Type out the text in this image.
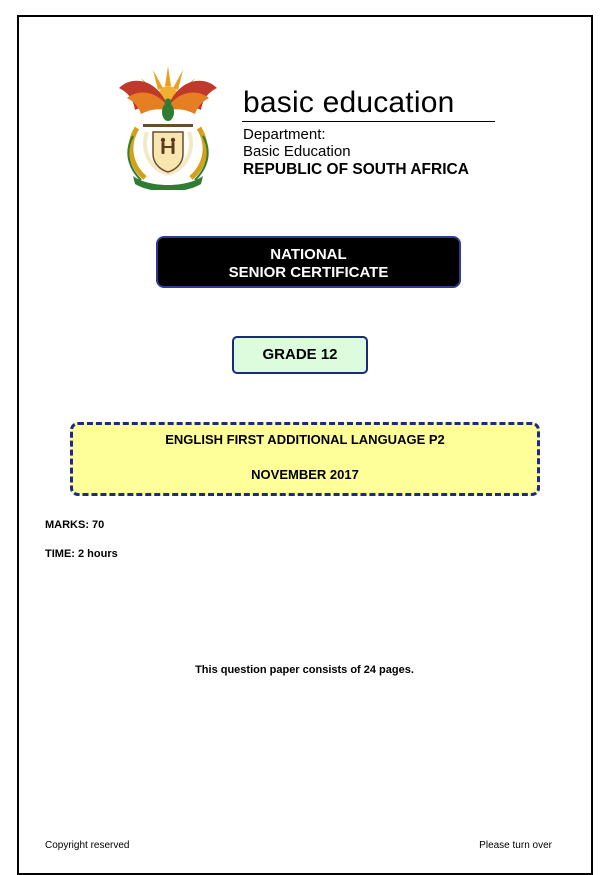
basic education
Department:
Basic Education
REPUBLIC OF SOUTH AFRICA
NATIONAL
SENIOR CERTIFICATE
GRADE 12
ENGLISH FIRST ADDITIONAL LANGUAGE P2
NOVEMBER 2017
MARKS: 70
TIME: 2 hours
This question paper consists of 24 pages.
Copyright reserved	Please turn over
